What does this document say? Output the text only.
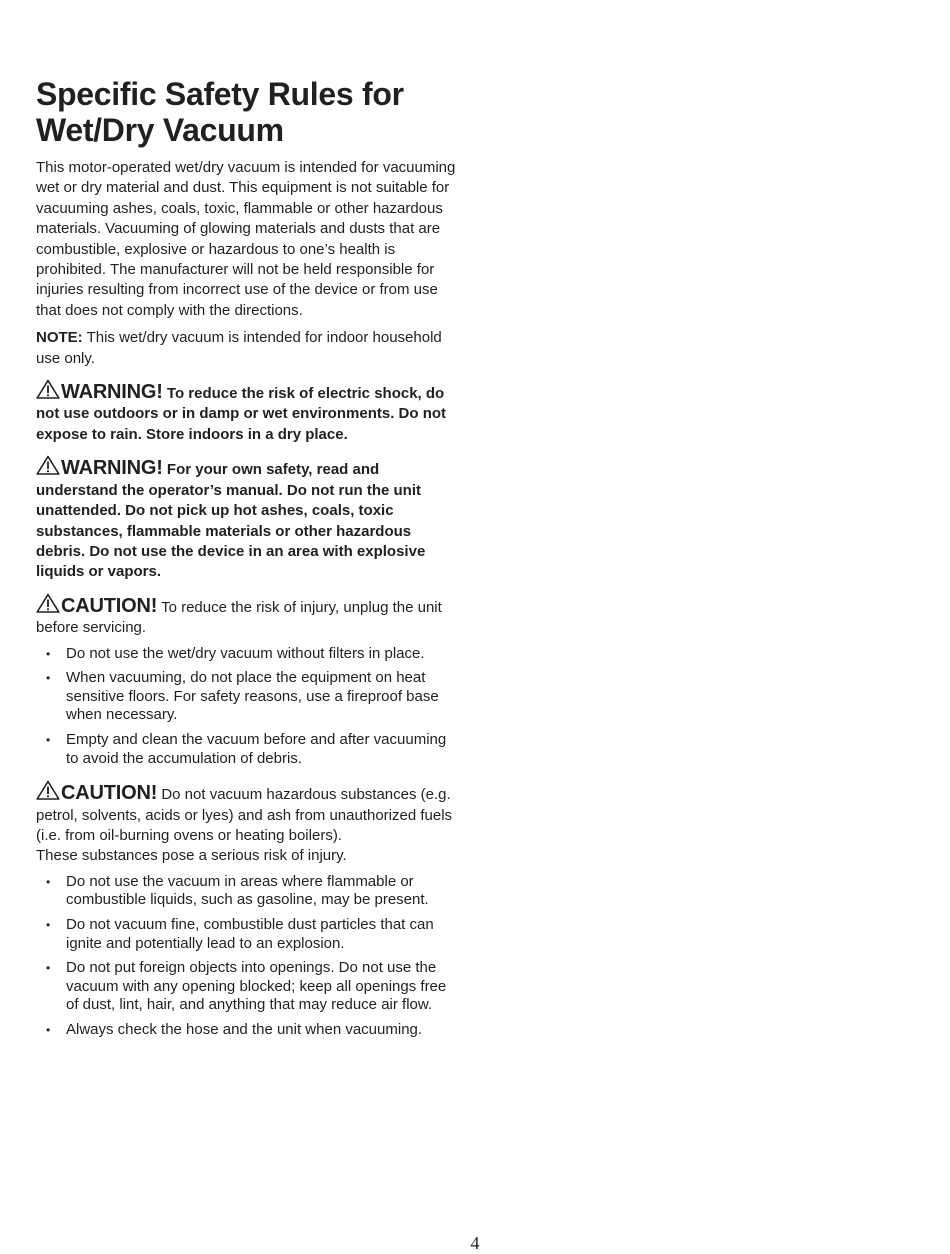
Specific Safety Rules for Wet/Dry Vacuum

This motor-operated wet/dry vacuum is intended for vacuuming wet or dry material and dust. This equipment is not suitable for vacuuming ashes, coals, toxic, flammable or other hazardous materials. Vacuuming of glowing materials and dusts that are combustible, explosive or hazardous to one’s health is prohibited. The manufacturer will not be held responsible for injuries resulting from incorrect use of the device or from use that does not comply with the directions.

NOTE: This wet/dry vacuum is intended for indoor household use only.

WARNING! To reduce the risk of electric shock, do not use outdoors or in damp or wet environments. Do not expose to rain. Store indoors in a dry place.

WARNING! For your own safety, read and understand the operator’s manual. Do not run the unit unattended. Do not pick up hot ashes, coals, toxic substances, flammable materials or other hazardous debris. Do not use the device in an area with explosive liquids or vapors.

CAUTION! To reduce the risk of injury, unplug the unit before servicing.

• Do not use the wet/dry vacuum without filters in place.
• When vacuuming, do not place the equipment on heat sensitive floors. For safety reasons, use a fireproof base when necessary.
• Empty and clean the vacuum before and after vacuuming to avoid the accumulation of debris.

CAUTION! Do not vacuum hazardous substances (e.g. petrol, solvents, acids or lyes) and ash from unauthorized fuels (i.e. from oil-burning ovens or heating boilers).
These substances pose a serious risk of injury.

• Do not use the vacuum in areas where flammable or combustible liquids, such as gasoline, may be present.
• Do not vacuum fine, combustible dust particles that can ignite and potentially lead to an explosion.
• Do not put foreign objects into openings. Do not use the vacuum with any opening blocked; keep all openings free of dust, lint, hair, and anything that may reduce air flow.
• Always check the hose and the unit when vacuuming.
4
